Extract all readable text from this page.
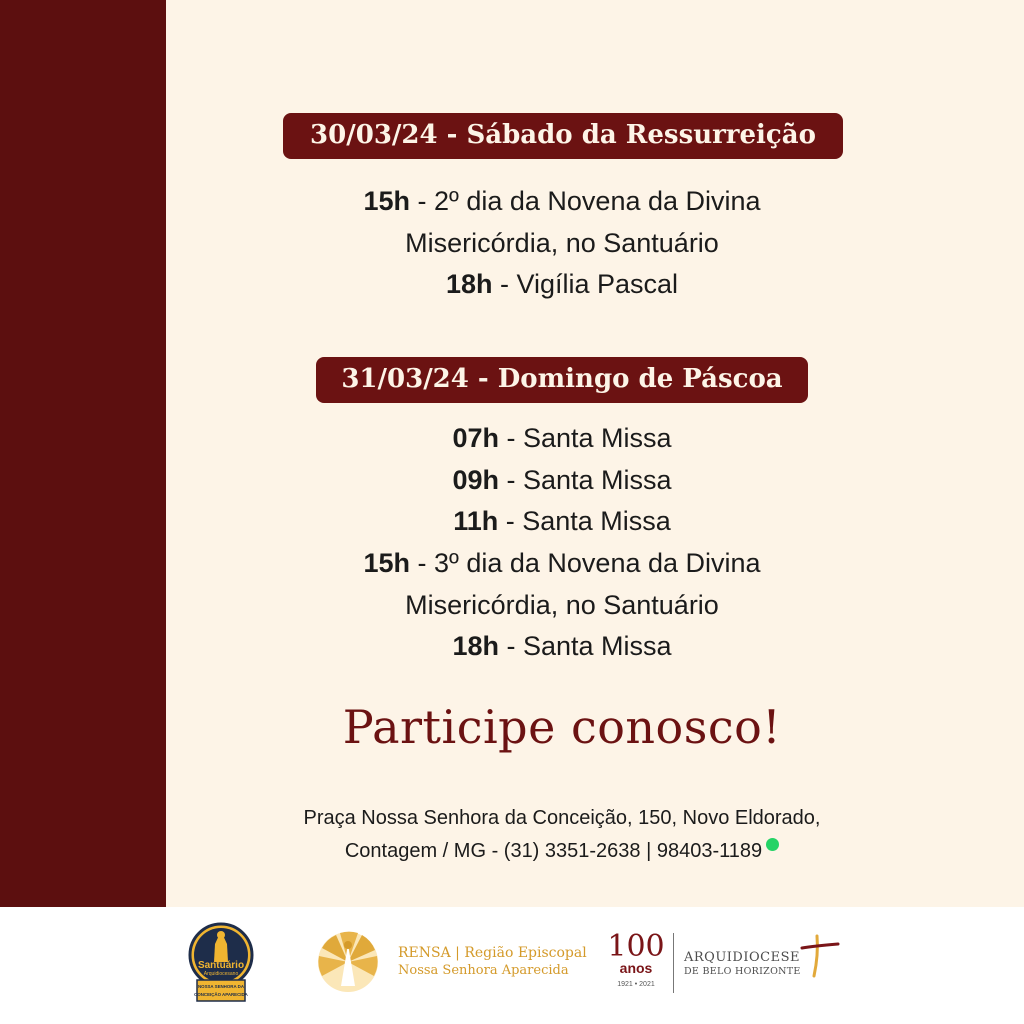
30/03/24 - Sábado da Ressurreição
15h - 2º dia da Novena da Divina
Misericórdia, no Santuário
18h - Vigília Pascal
31/03/24 - Domingo de Páscoa
07h - Santa Missa
09h - Santa Missa
11h - Santa Missa
15h - 3º dia da Novena da Divina
Misericórdia, no Santuário
18h - Santa Missa
Participe conosco!
Praça Nossa Senhora da Conceição, 150, Novo Eldorado,
Contagem / MG - (31) 3351-2638 | 98403-1189
Santuário
Arquidiocesano
NOSSA SENHORA DA
CONCEIÇÃO APARECIDA
RENSA | Região Episcopal
Nossa Senhora Aparecida
100
anos
1921 • 2021
ARQUIDIOCESE
DE BELO HORIZONTE
